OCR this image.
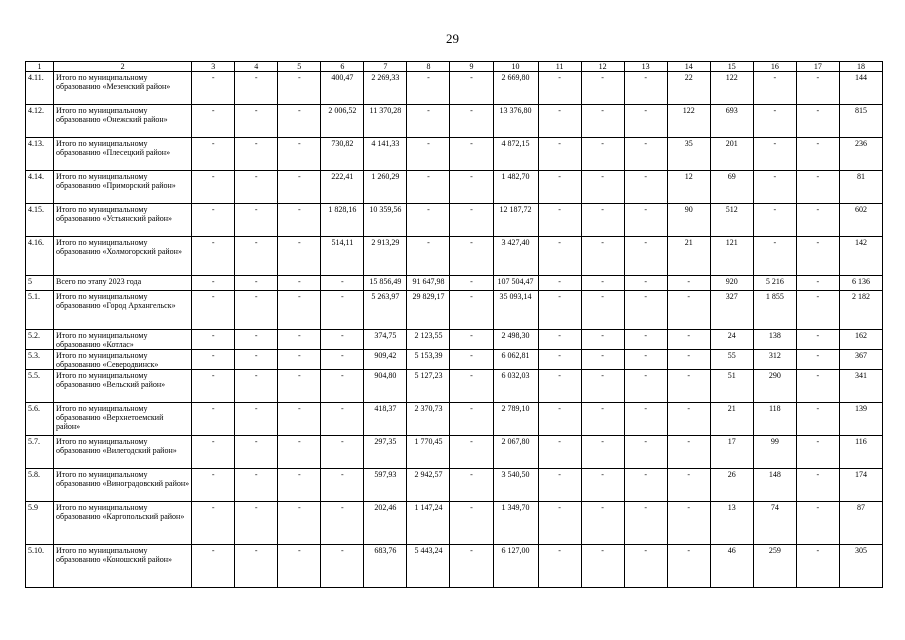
29
1	2	3	4	5	6	7	8	9	10	11	12	13	14	15	16	17	18
4.11.	Итого по муниципальному образованию «Мезенский район»	-	-	-	400,47	2 269,33	-	-	2 669,80	-	-	-	22	122	-	-	144
4.12.	Итого по муниципальному образованию «Онежский район»	-	-	-	2 006,52	11 370,28	-	-	13 376,80	-	-	-	122	693	-	-	815
4.13.	Итого по муниципальному образованию «Плесецкий район»	-	-	-	730,82	4 141,33	-	-	4 872,15	-	-	-	35	201	-	-	236
4.14.	Итого по муниципальному образованию «Приморский район»	-	-	-	222,41	1 260,29	-	-	1 482,70	-	-	-	12	69	-	-	81
4.15.	Итого по муниципальному образованию «Устьянский район»	-	-	-	1 828,16	10 359,56	-	-	12 187,72	-	-	-	90	512	-	-	602
4.16.	Итого по муниципальному образованию «Холмогорский район»	-	-	-	514,11	2 913,29	-	-	3 427,40	-	-	-	21	121	-	-	142
5	Всего по этапу 2023 года	-	-	-	-	15 856,49	91 647,98	-	107 504,47	-	-	-	-	920	5 216	-	6 136
5.1.	Итого по муниципальному образованию «Город Архангельск»	-	-	-	-	5 263,97	29 829,17	-	35 093,14	-	-	-	-	327	1 855	-	2 182
5.2.	Итого по муниципальному образованию «Котлас»	-	-	-	-	374,75	2 123,55	-	2 498,30	-	-	-	-	24	138	-	162
5.3.	Итого по муниципальному образованию «Северодвинск»	-	-	-	-	909,42	5 153,39	-	6 062,81	-	-	-	-	55	312	-	367
5.5.	Итого по муниципальному образованию «Вельский район»	-	-	-	-	904,80	5 127,23	-	6 032,03	-	-	-	-	51	290	-	341
5.6.	Итого по муниципальному образованию «Верхнетоемский район»	-	-	-	-	418,37	2 370,73	-	2 789,10	-	-	-	-	21	118	-	139
5.7.	Итого по муниципальному образованию «Вилегодский район»	-	-	-	-	297,35	1 770,45	-	2 067,80	-	-	-	-	17	99	-	116
5.8.	Итого по муниципальному образованию «Виноградовский район»	-	-	-	-	597,93	2 942,57	-	3 540,50	-	-	-	-	26	148	-	174
5.9	Итого по муниципальному образованию «Каргопольский район»	-	-	-	-	202,46	1 147,24	-	1 349,70	-	-	-	-	13	74	-	87
5.10.	Итого по муниципальному образованию «Коношский район»	-	-	-	-	683,76	5 443,24	-	6 127,00	-	-	-	-	46	259	-	305
